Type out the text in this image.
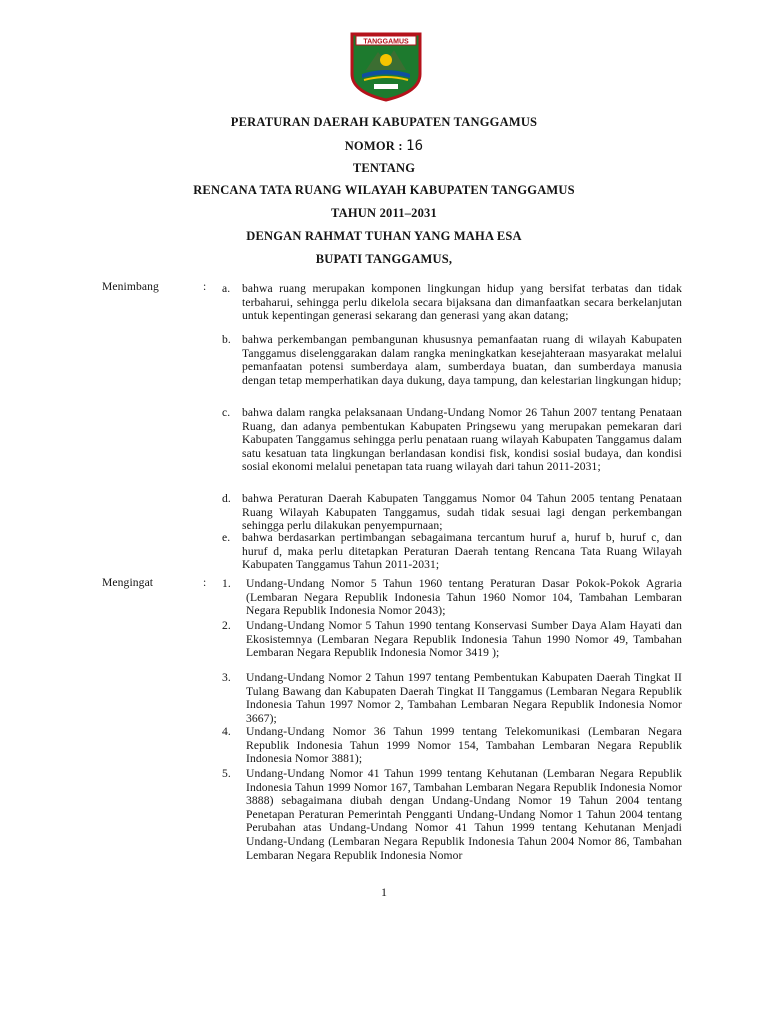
TANGGAMUS
PERATURAN DAERAH KABUPATEN TANGGAMUS
NOMOR : 16
TENTANG
RENCANA TATA RUANG WILAYAH KABUPATEN TANGGAMUS
TAHUN 2011–2031
DENGAN RAHMAT TUHAN YANG MAHA ESA
BUPATI TANGGAMUS,
Menimbang	: a. bahwa ruang merupakan komponen lingkungan hidup yang bersifat terbatas dan tidak terbaharui, sehingga perlu dikelola secara bijaksana dan dimanfaatkan secara berkelanjutan untuk kepentingan generasi sekarang dan generasi yang akan datang;
b. bahwa perkembangan pembangunan khususnya pemanfaatan ruang di wilayah Kabupaten Tanggamus diselenggarakan dalam rangka meningkatkan kesejahteraan masyarakat melalui pemanfaatan potensi sumberdaya alam, sumberdaya buatan, dan sumberdaya manusia dengan tetap memperhatikan daya dukung, daya tampung, dan kelestarian lingkungan hidup;
c. bahwa dalam rangka pelaksanaan Undang-Undang Nomor 26 Tahun 2007 tentang Penataan Ruang, dan adanya pembentukan Kabupaten Pringsewu yang merupakan pemekaran dari Kabupaten Tanggamus sehingga perlu penataan ruang wilayah Kabupaten Tanggamus dalam satu kesatuan tata lingkungan berlandasan kondisi fisk, kondisi sosial budaya, dan kondisi sosial ekonomi melalui penetapan tata ruang wilayah dari tahun 2011-2031;
d. bahwa Peraturan Daerah Kabupaten Tanggamus Nomor 04 Tahun 2005 tentang Penataan Ruang Wilayah Kabupaten Tanggamus, sudah tidak sesuai lagi dengan perkembangan sehingga perlu dilakukan penyempurnaan;
e. bahwa berdasarkan pertimbangan sebagaimana tercantum huruf a, huruf b, huruf c, dan huruf d, maka perlu ditetapkan Peraturan Daerah tentang Rencana Tata Ruang Wilayah Kabupaten Tanggamus Tahun 2011-2031;
Mengingat	: 1. Undang-Undang Nomor 5 Tahun 1960 tentang Peraturan Dasar Pokok-Pokok Agraria (Lembaran Negara Republik Indonesia Tahun 1960 Nomor 104, Tambahan Lembaran Negara Republik Indonesia Nomor 2043);
2. Undang-Undang Nomor 5 Tahun 1990 tentang Konservasi Sumber Daya Alam Hayati dan Ekosistemnya (Lembaran Negara Republik Indonesia Tahun 1990 Nomor 49, Tambahan Lembaran Negara Republik Indonesia Nomor 3419 );
3. Undang-Undang Nomor 2 Tahun 1997 tentang Pembentukan Kabupaten Daerah Tingkat II Tulang Bawang dan Kabupaten Daerah Tingkat II Tanggamus (Lembaran Negara Republik Indonesia Tahun 1997 Nomor 2, Tambahan Lembaran Negara Republik Indonesia Nomor 3667);
4. Undang-Undang Nomor 36 Tahun 1999 tentang Telekomunikasi (Lembaran Negara Republik Indonesia Tahun 1999 Nomor 154, Tambahan Lembaran Negara Republik Indonesia Nomor 3881);
5. Undang-Undang Nomor 41 Tahun 1999 tentang Kehutanan (Lembaran Negara Republik Indonesia Tahun 1999 Nomor 167, Tambahan Lembaran Negara Republik Indonesia Nomor 3888) sebagaimana diubah dengan Undang-Undang Nomor 19 Tahun 2004 tentang Penetapan Peraturan Pemerintah Pengganti Undang-Undang Nomor 1 Tahun 2004 tentang Perubahan atas Undang-Undang Nomor 41 Tahun 1999 tentang Kehutanan Menjadi Undang-Undang (Lembaran Negara Republik Indonesia Tahun 2004 Nomor 86, Tambahan Lembaran Negara Republik Indonesia Nomor
1
